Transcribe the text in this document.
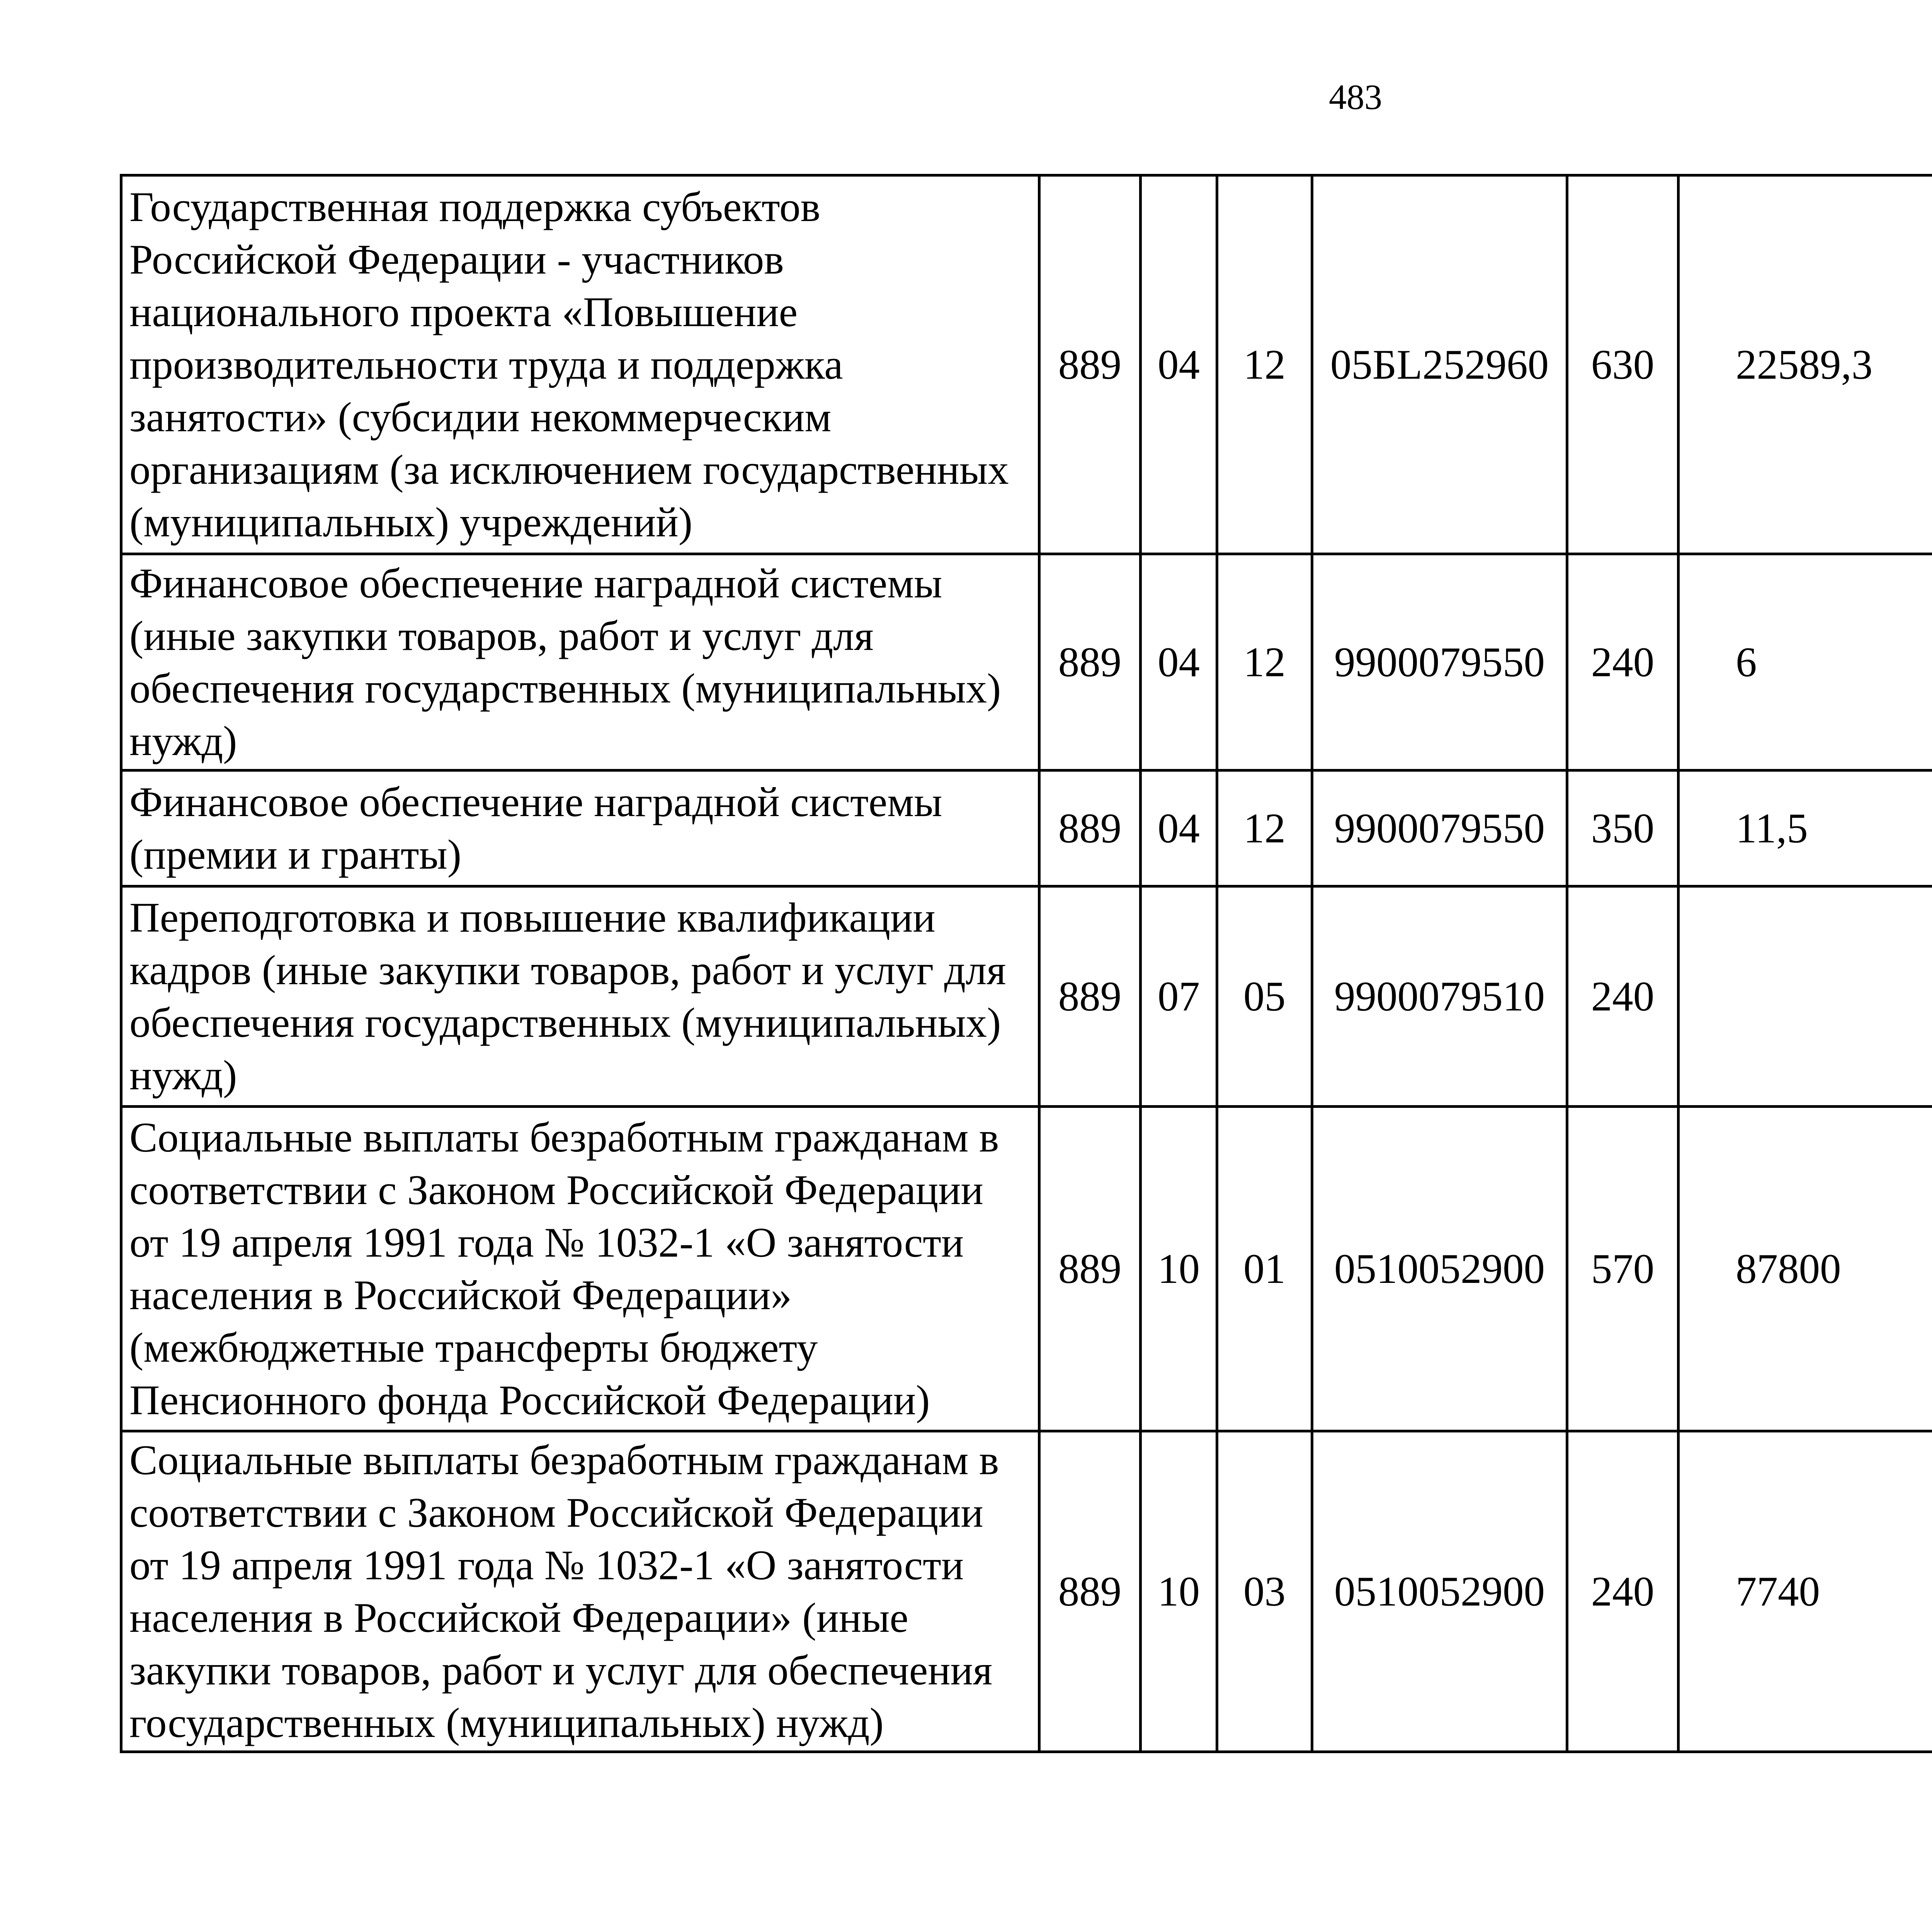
483
Государственная поддержка субъектов Российской Федерации - участников национального проекта «Повышение производительности труда и поддержка занятости» (субсидии некоммерческим организациям (за исключением государственных (муниципальных) учреждений)	889	04	12	05БL252960	630	22589,3		
Финансовое обеспечение наградной системы (иные закупки товаров, работ и услуг для обеспечения государственных (муниципальных) нужд)	889	04	12	9900079550	240	6		
Финансовое обеспечение наградной системы (премии и гранты)	889	04	12	9900079550	350	11,5		
Переподготовка и повышение квалификации кадров (иные закупки товаров, работ и услуг для обеспечения государственных (муниципальных) нужд)	889	07	05	9900079510	240			
Социальные выплаты безработным гражданам в соответствии с Законом Российской Федерации от 19 апреля 1991 года № 1032-1 «О занятости населения в Российской Федерации» (межбюджетные трансферты бюджету Пенсионного фонда Российской Федерации)	889	10	01	0510052900	570	87800		
Социальные выплаты безработным гражданам в соответствии с Законом Российской Федерации от 19 апреля 1991 года № 1032-1 «О занятости населения в Российской Федерации» (иные закупки товаров, работ и услуг для обеспечения государственных (муниципальных) нужд)	889	10	03	0510052900	240	7740		
